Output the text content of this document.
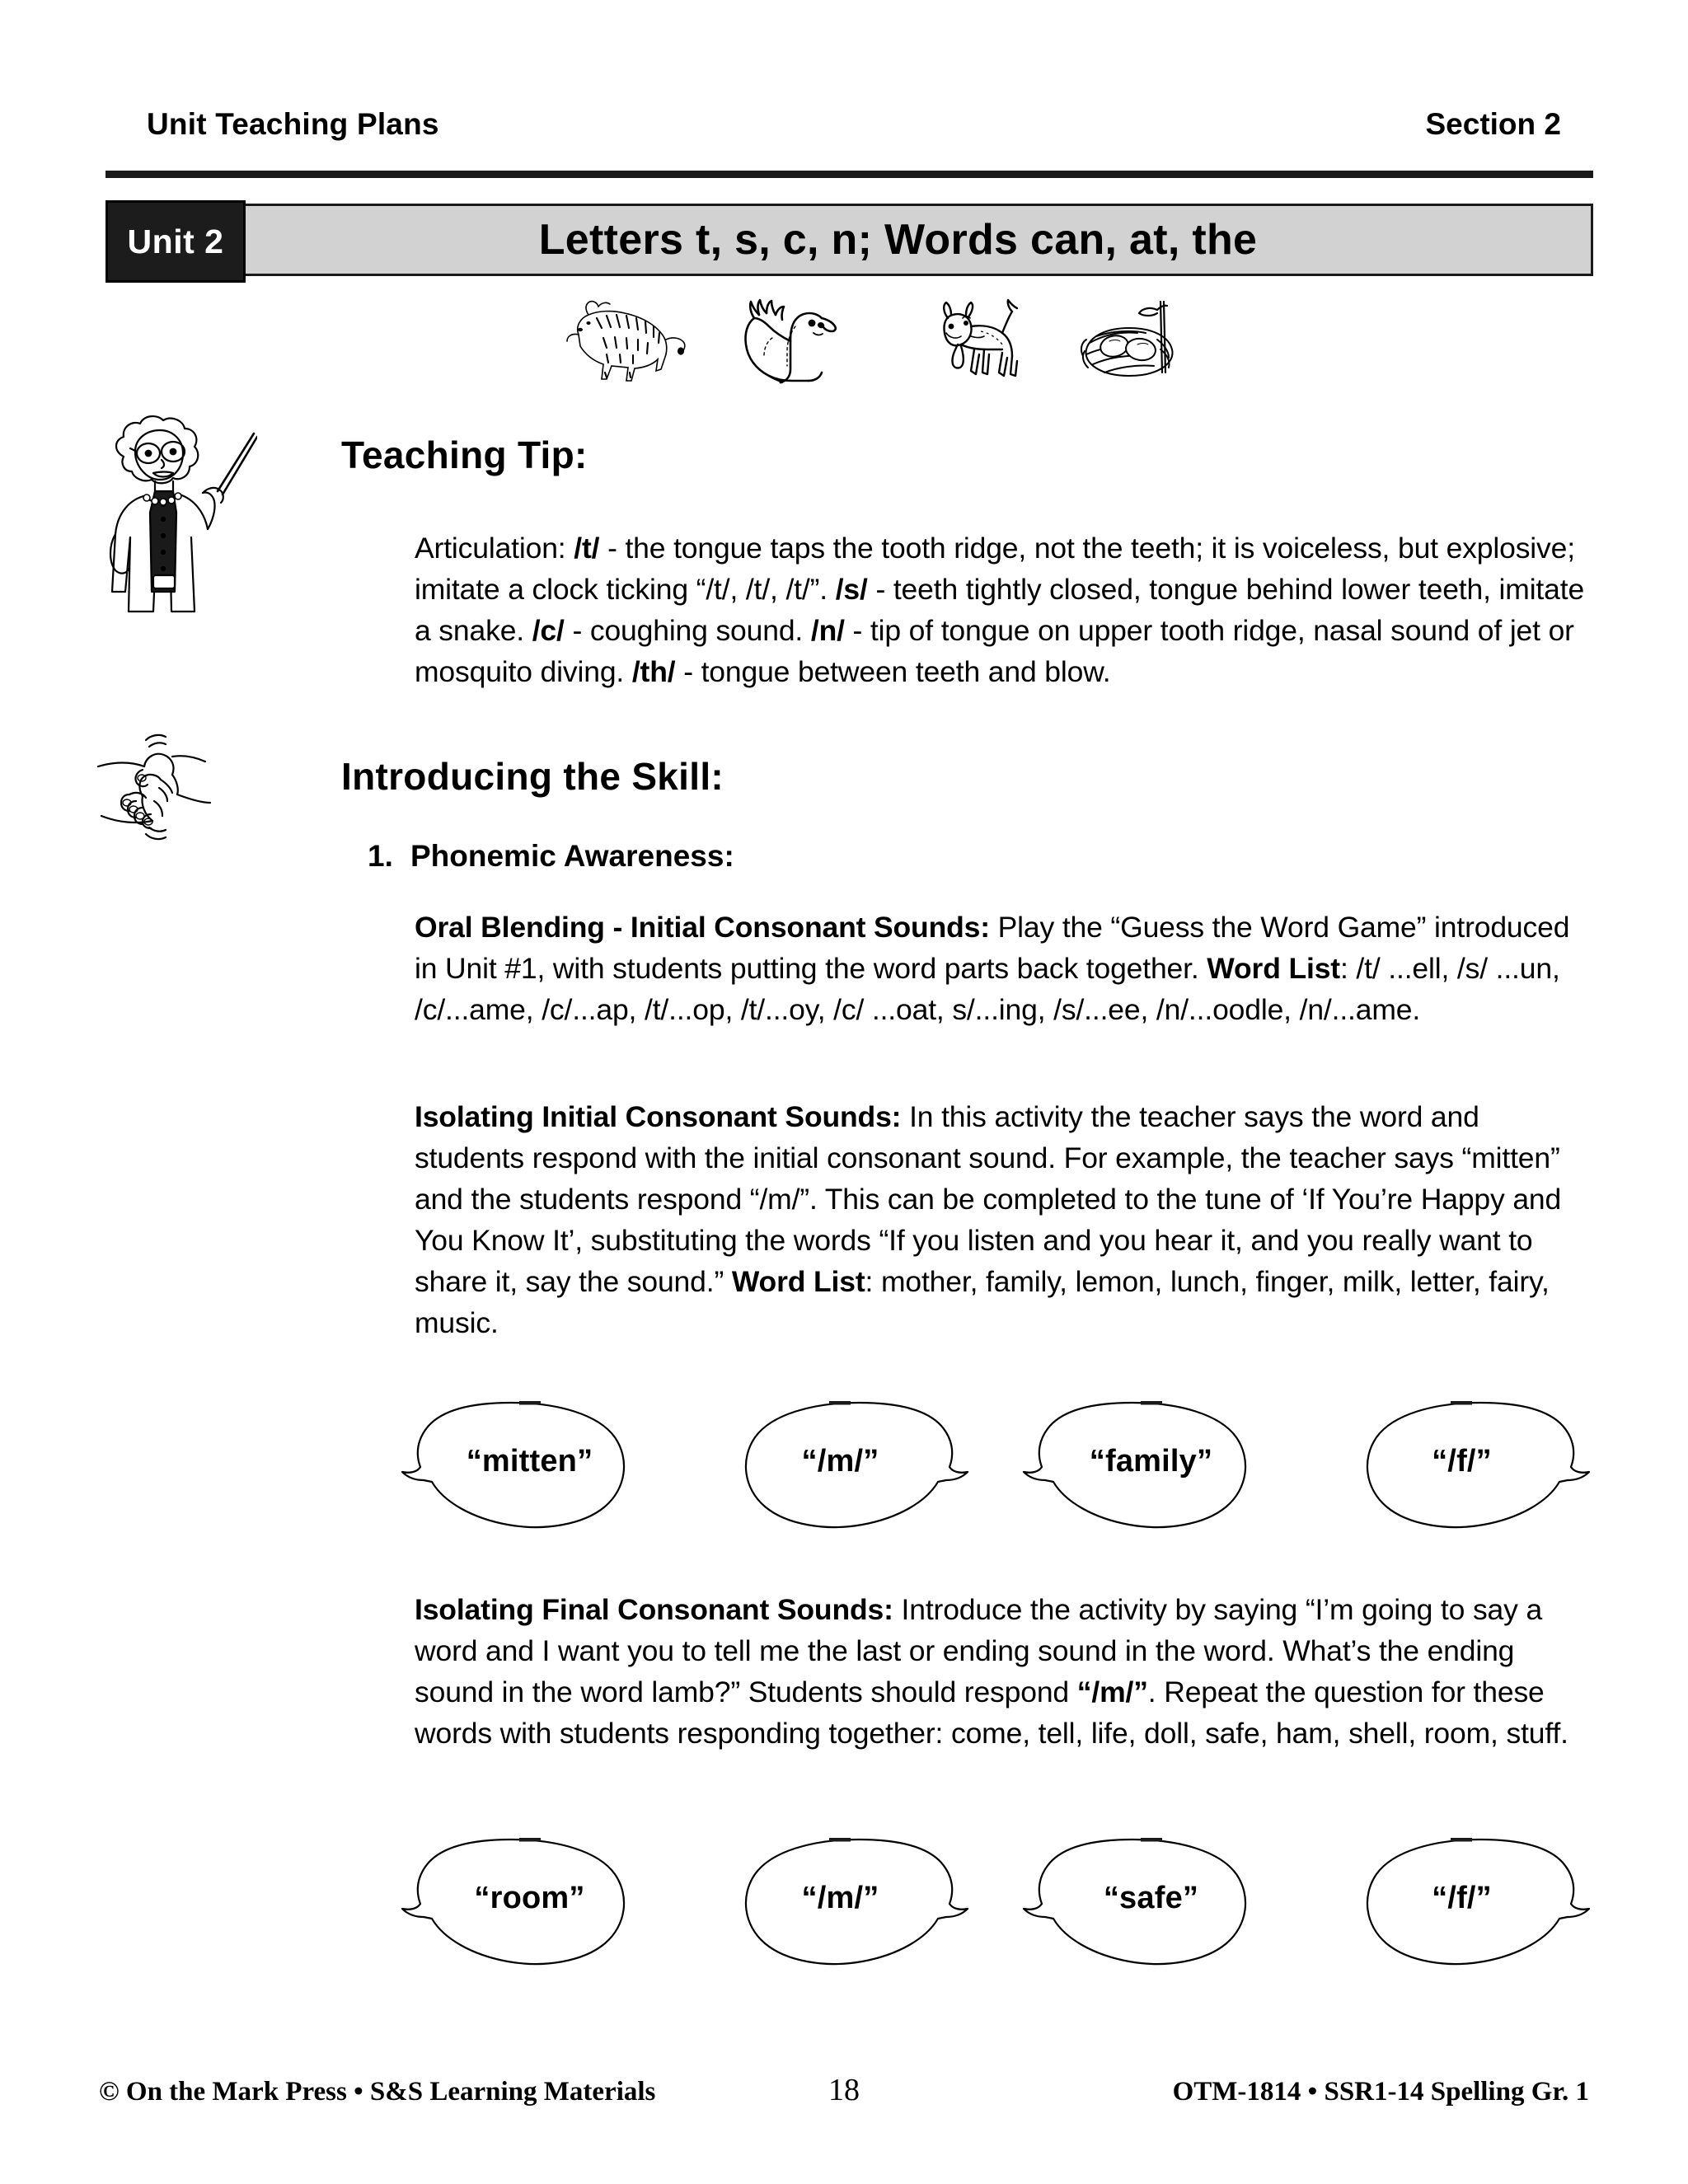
Unit Teaching Plans	Section 2
Unit 2	Letters t, s, c, n; Words can, at, the
Teaching Tip:
Articulation: /t/ - the tongue taps the tooth ridge, not the teeth; it is voiceless, but explosive; imitate a clock ticking “/t/, /t/, /t/”. /s/ - teeth tightly closed, tongue behind lower teeth, imitate a snake. /c/ - coughing sound. /n/ - tip of tongue on upper tooth ridge, nasal sound of jet or mosquito diving. /th/ - tongue between teeth and blow.
Introducing the Skill:
1. Phonemic Awareness:
Oral Blending - Initial Consonant Sounds: Play the “Guess the Word Game” introduced in Unit #1, with students putting the word parts back together. Word List: /t/ ...ell, /s/ ...un, /c/...ame, /c/...ap, /t/...op, /t/...oy, /c/ ...oat, s/...ing, /s/...ee, /n/...oodle, /n/...ame.
Isolating Initial Consonant Sounds: In this activity the teacher says the word and students respond with the initial consonant sound. For example, the teacher says “mitten” and the students respond “/m/”. This can be completed to the tune of ‘If You’re Happy and You Know It’, substituting the words “If you listen and you hear it, and you really want to share it, say the sound.” Word List: mother, family, lemon, lunch, finger, milk, letter, fairy, music.
“mitten”	“/m/”	“family”	“/f/”
Isolating Final Consonant Sounds: Introduce the activity by saying “I’m going to say a word and I want you to tell me the last or ending sound in the word. What’s the ending sound in the word lamb?” Students should respond “/m/”. Repeat the question for these words with students responding together: come, tell, life, doll, safe, ham, shell, room, stuff.
“room”	“/m/”	“safe”	“/f/”
© On the Mark Press • S&S Learning Materials	18	OTM-1814 • SSR1-14 Spelling Gr. 1
